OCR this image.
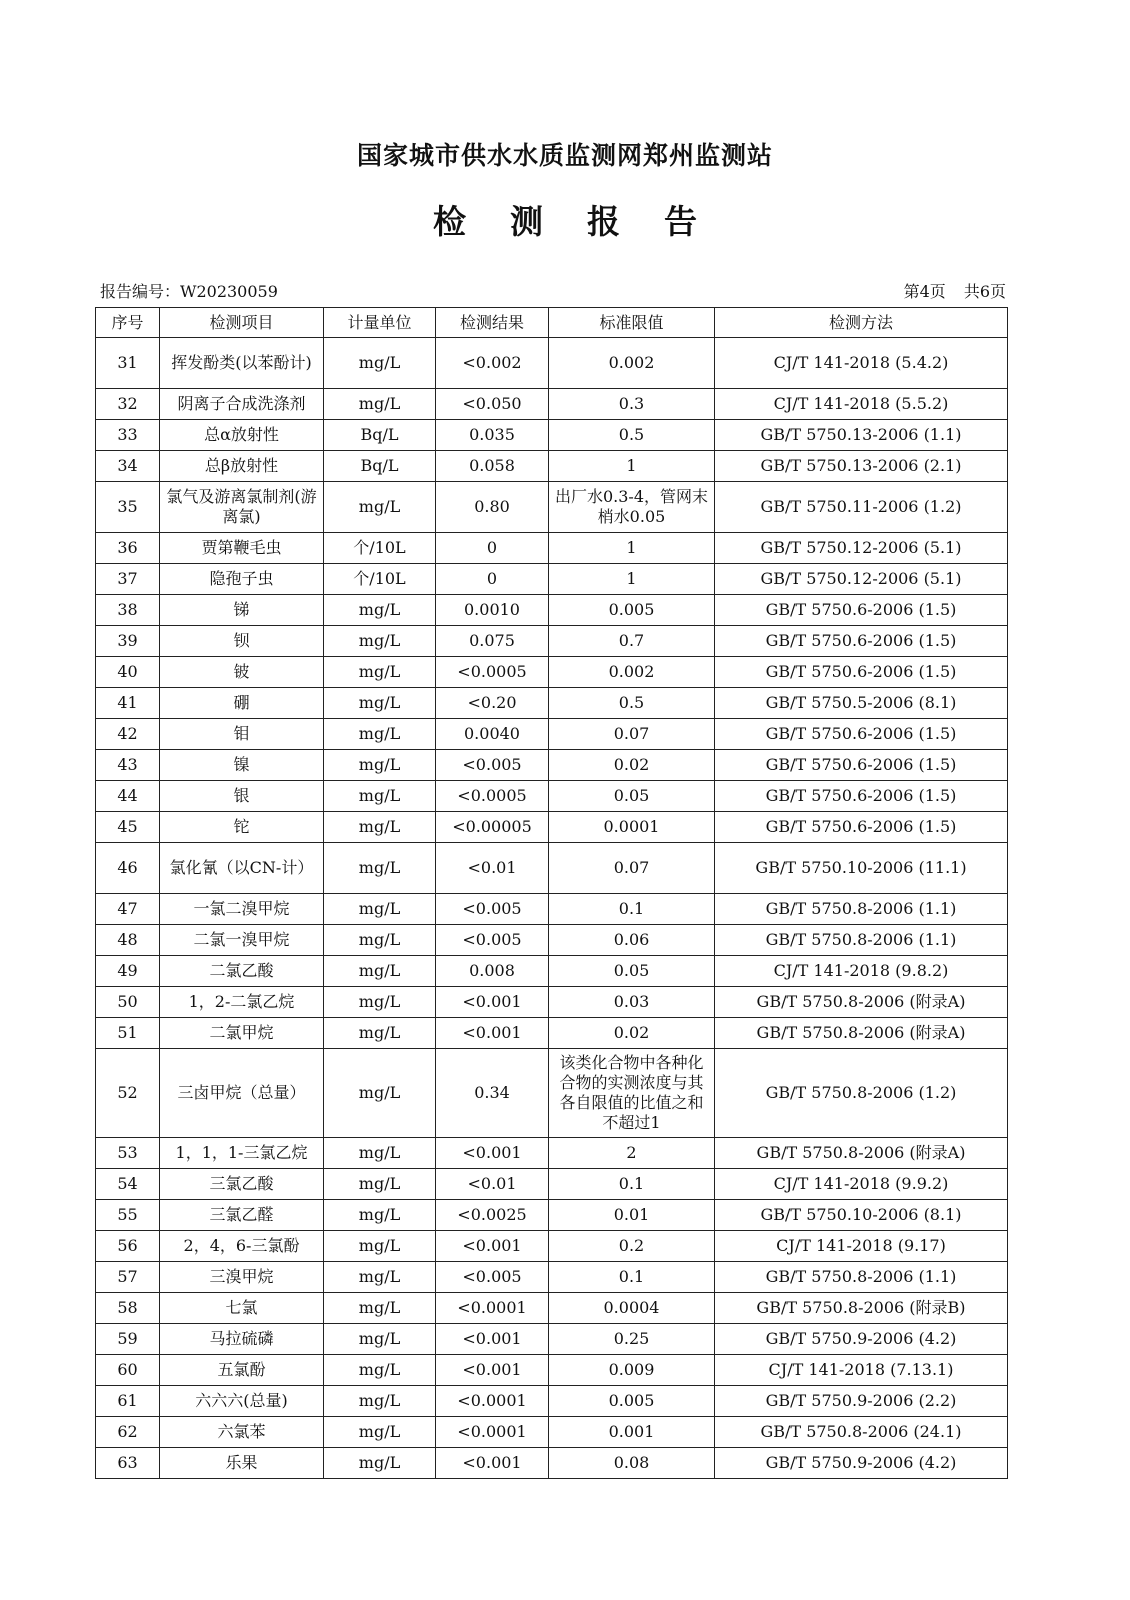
国家城市供水水质监测网郑州监测站
检 测 报 告
报告编号：W20230059	第4页 共6页
序号	检测项目	计量单位	检测结果	标准限值	检测方法
31	挥发酚类(以苯酚计)	mg/L	<0.002	0.002	CJ/T 141-2018 (5.4.2)
32	阴离子合成洗涤剂	mg/L	<0.050	0.3	CJ/T 141-2018 (5.5.2)
33	总α放射性	Bq/L	0.035	0.5	GB/T 5750.13-2006 (1.1)
34	总β放射性	Bq/L	0.058	1	GB/T 5750.13-2006 (2.1)
35	氯气及游离氯制剂(游离氯)	mg/L	0.80	出厂水0.3-4，管网末梢水0.05	GB/T 5750.11-2006 (1.2)
36	贾第鞭毛虫	个/10L	0	1	GB/T 5750.12-2006 (5.1)
37	隐孢子虫	个/10L	0	1	GB/T 5750.12-2006 (5.1)
38	锑	mg/L	0.0010	0.005	GB/T 5750.6-2006 (1.5)
39	钡	mg/L	0.075	0.7	GB/T 5750.6-2006 (1.5)
40	铍	mg/L	<0.0005	0.002	GB/T 5750.6-2006 (1.5)
41	硼	mg/L	<0.20	0.5	GB/T 5750.5-2006 (8.1)
42	钼	mg/L	0.0040	0.07	GB/T 5750.6-2006 (1.5)
43	镍	mg/L	<0.005	0.02	GB/T 5750.6-2006 (1.5)
44	银	mg/L	<0.0005	0.05	GB/T 5750.6-2006 (1.5)
45	铊	mg/L	<0.00005	0.0001	GB/T 5750.6-2006 (1.5)
46	氯化氰（以CN-计）	mg/L	<0.01	0.07	GB/T 5750.10-2006 (11.1)
47	一氯二溴甲烷	mg/L	<0.005	0.1	GB/T 5750.8-2006 (1.1)
48	二氯一溴甲烷	mg/L	<0.005	0.06	GB/T 5750.8-2006 (1.1)
49	二氯乙酸	mg/L	0.008	0.05	CJ/T 141-2018 (9.8.2)
50	1，2-二氯乙烷	mg/L	<0.001	0.03	GB/T 5750.8-2006 (附录A)
51	二氯甲烷	mg/L	<0.001	0.02	GB/T 5750.8-2006 (附录A)
52	三卤甲烷（总量）	mg/L	0.34	该类化合物中各种化合物的实测浓度与其各自限值的比值之和不超过1	GB/T 5750.8-2006 (1.2)
53	1，1，1-三氯乙烷	mg/L	<0.001	2	GB/T 5750.8-2006 (附录A)
54	三氯乙酸	mg/L	<0.01	0.1	CJ/T 141-2018 (9.9.2)
55	三氯乙醛	mg/L	<0.0025	0.01	GB/T 5750.10-2006 (8.1)
56	2，4，6-三氯酚	mg/L	<0.001	0.2	CJ/T 141-2018 (9.17)
57	三溴甲烷	mg/L	<0.005	0.1	GB/T 5750.8-2006 (1.1)
58	七氯	mg/L	<0.0001	0.0004	GB/T 5750.8-2006 (附录B)
59	马拉硫磷	mg/L	<0.001	0.25	GB/T 5750.9-2006 (4.2)
60	五氯酚	mg/L	<0.001	0.009	CJ/T 141-2018 (7.13.1)
61	六六六(总量)	mg/L	<0.0001	0.005	GB/T 5750.9-2006 (2.2)
62	六氯苯	mg/L	<0.0001	0.001	GB/T 5750.8-2006 (24.1)
63	乐果	mg/L	<0.001	0.08	GB/T 5750.9-2006 (4.2)
